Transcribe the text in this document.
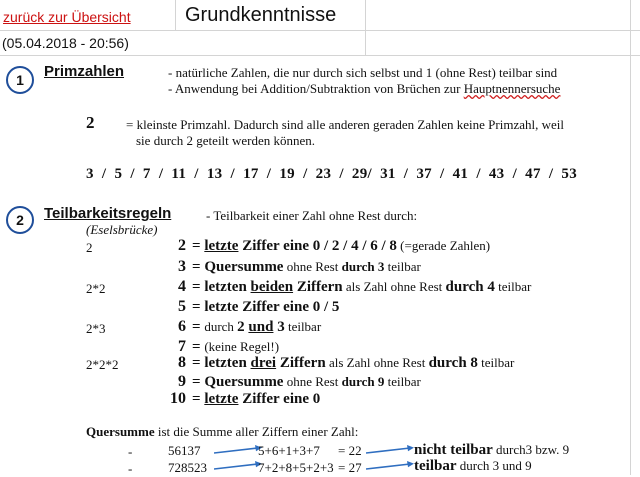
zurück zur Übersicht	Grundkenntnisse
(05.04.2018 - 20:56)
1	Primzahlen	- natürliche Zahlen, die nur durch sich selbst und 1 (ohne Rest) teilbar sind
- Anwendung bei Addition/Subtraktion von Brüchen zur Hauptnennersuche
2 = kleinste Primzahl. Dadurch sind alle anderen geraden Zahlen keine Primzahl, weil
sie durch 2 geteilt werden können.
3  /  5  /  7  /  11  /  13  /  17  /  19  /  23  /  29/  31  /  37  /  41  /  43  /  47  /  53
2	Teilbarkeitsregeln	- Teilbarkeit einer Zahl ohne Rest durch:
(Eselsbrücke)
2	2 = letzte Ziffer eine 0 / 2 / 4 / 6 / 8 (=gerade Zahlen)
3 = Quersumme ohne Rest durch 3 teilbar
2*2	4 = letzten beiden Ziffern als Zahl ohne Rest durch 4 teilbar
5 = letzte Ziffer eine 0 / 5
2*3	6 = durch 2 und 3 teilbar
7 = (keine Regel!)
2*2*2	8 = letzten drei Ziffern als Zahl ohne Rest durch 8 teilbar
9 = Quersumme ohne Rest durch 9 teilbar
10 = letzte Ziffer eine 0
Quersumme ist die Summe aller Ziffern einer Zahl:
-	56137	5+6+1+3+7 = 22	nicht teilbar durch3 bzw. 9
-	728523	7+2+8+5+2+3 = 27	teilbar durch 3 und 9
